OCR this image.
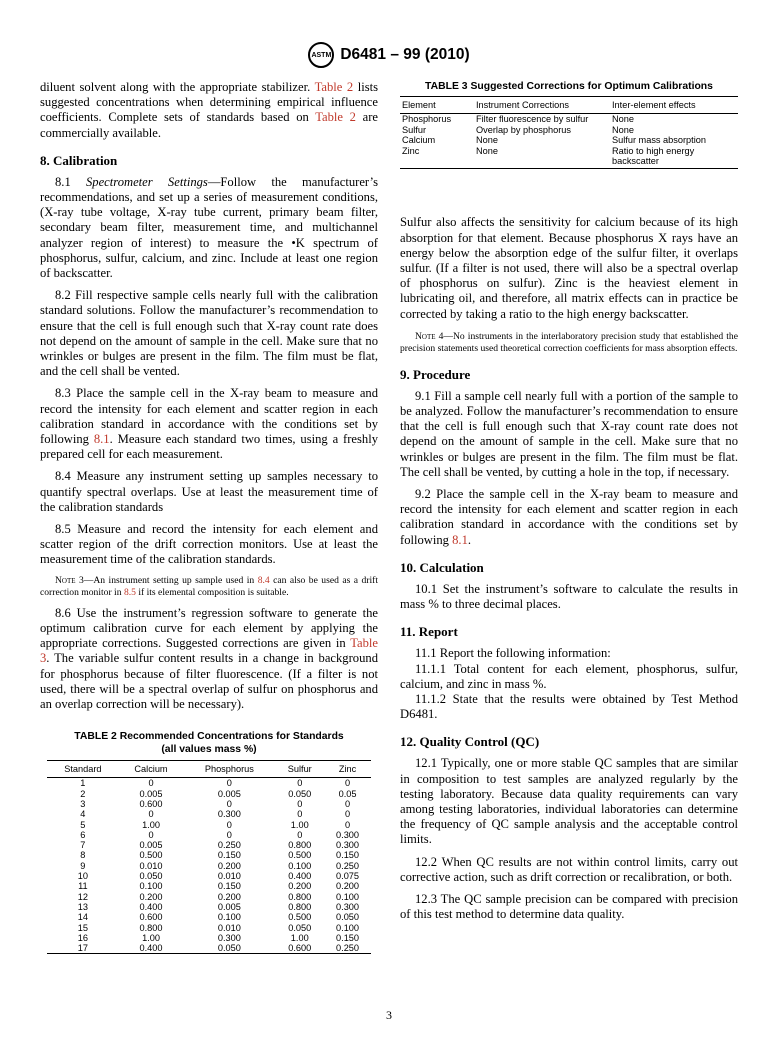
ASTM D6481 – 99 (2010)

diluent solvent along with the appropriate stabilizer. Table 2 lists suggested concentrations when determining empirical influence coefficients. Complete sets of standards based on Table 2 are commercially available.

8. Calibration

8.1 Spectrometer Settings—Follow the manufacturer’s recommendations, and set up a series of measurement conditions, (X-ray tube voltage, X-ray tube current, primary beam filter, secondary beam filter, measurement time, and multichannel analyzer region of interest) to measure the •K spectrum of phosphorus, sulfur, calcium, and zinc. Include at least one region of backscatter.

8.2 Fill respective sample cells nearly full with the calibration standard solutions. Follow the manufacturer’s recommendation to ensure that the cell is full enough such that X-ray count rate does not depend on the amount of sample in the cell. Make sure that no wrinkles or bulges are present in the film. The film must be flat, and the cell shall be vented.

8.3 Place the sample cell in the X-ray beam to measure and record the intensity for each element and scatter region in each calibration standard in accordance with the conditions set by following 8.1. Measure each standard two times, using a freshly prepared cell for each measurement.

8.4 Measure any instrument setting up samples necessary to quantify spectral overlaps. Use at least the measurement time of the calibration standards

8.5 Measure and record the intensity for each element and scatter region of the drift correction monitors. Use at least the measurement time of the calibration standards.

Note 3—An instrument setting up sample used in 8.4 can also be used as a drift correction monitor in 8.5 if its elemental composition is suitable.

8.6 Use the instrument’s regression software to generate the optimum calibration curve for each element by applying the appropriate corrections. Suggested corrections are given in Table 3. The variable sulfur content results in a change in background for phosphorus because of filter fluorescence. (If a filter is not used, there will be a spectral overlap of sulfur on phosphorus and an overlap correction will be necessary).

TABLE 2 Recommended Concentrations for Standards
(all values mass %)
Standard	Calcium	Phosphorus	Sulfur	Zinc
1	0	0	0	0
2	0.005	0.005	0.050	0.05
3	0.600	0	0	0
4	0	0.300	0	0
5	1.00	0	1.00	0
6	0	0	0	0.300
7	0.005	0.250	0.800	0.300
8	0.500	0.150	0.500	0.150
9	0.010	0.200	0.100	0.250
10	0.050	0.010	0.400	0.075
11	0.100	0.150	0.200	0.200
12	0.200	0.200	0.800	0.100
13	0.400	0.005	0.800	0.300
14	0.600	0.100	0.500	0.050
15	0.800	0.010	0.050	0.100
16	1.00	0.300	1.00	0.150
17	0.400	0.050	0.600	0.250
TABLE 3 Suggested Corrections for Optimum Calibrations
Element	Instrument Corrections	Inter-element effects
Phosphorus	Filter fluorescence by sulfur	None
Sulfur	Overlap by phosphorus	None
Calcium	None	Sulfur mass absorption
Zinc	None	Ratio to high energy backscatter

Sulfur also affects the sensitivity for calcium because of its high absorption for that element. Because phosphorus X rays have an energy below the absorption edge of the sulfur filter, it overlaps sulfur. (If a filter is not used, there will also be a spectral overlap of phosphorus on sulfur). Zinc is the heaviest element in lubricating oil, and therefore, all matrix effects can in practice be corrected by taking a ratio to the high energy backscatter.

Note 4—No instruments in the interlaboratory precision study that established the precision statements used theoretical correction coefficients for mass absorption effects.

9. Procedure

9.1 Fill a sample cell nearly full with a portion of the sample to be analyzed. Follow the manufacturer’s recommendation to ensure that the cell is full enough such that X-ray count rate does not depend on the amount of sample in the cell. Make sure that no wrinkles or bulges are present in the film. The film must be flat. The cell shall be vented, by cutting a hole in the top, if necessary.

9.2 Place the sample cell in the X-ray beam to measure and record the intensity for each element and scatter region in each calibration standard in accordance with the conditions set by following 8.1.

10. Calculation

10.1 Set the instrument’s software to calculate the results in mass % to three decimal places.

11. Report

11.1 Report the following information:

11.1.1 Total content for each element, phosphorus, sulfur, calcium, and zinc in mass %.

11.1.2 State that the results were obtained by Test Method D6481.

12. Quality Control (QC)

12.1 Typically, one or more stable QC samples that are similar in composition to test samples are analyzed regularly by the testing laboratory. Because data quality requirements can vary among testing laboratories, individual laboratories can determine the frequency of QC sample analysis and the acceptable control limits.

12.2 When QC results are not within control limits, carry out corrective action, such as drift correction or recalibration, or both.

12.3 The QC sample precision can be compared with precision of this test method to determine data quality.

3
